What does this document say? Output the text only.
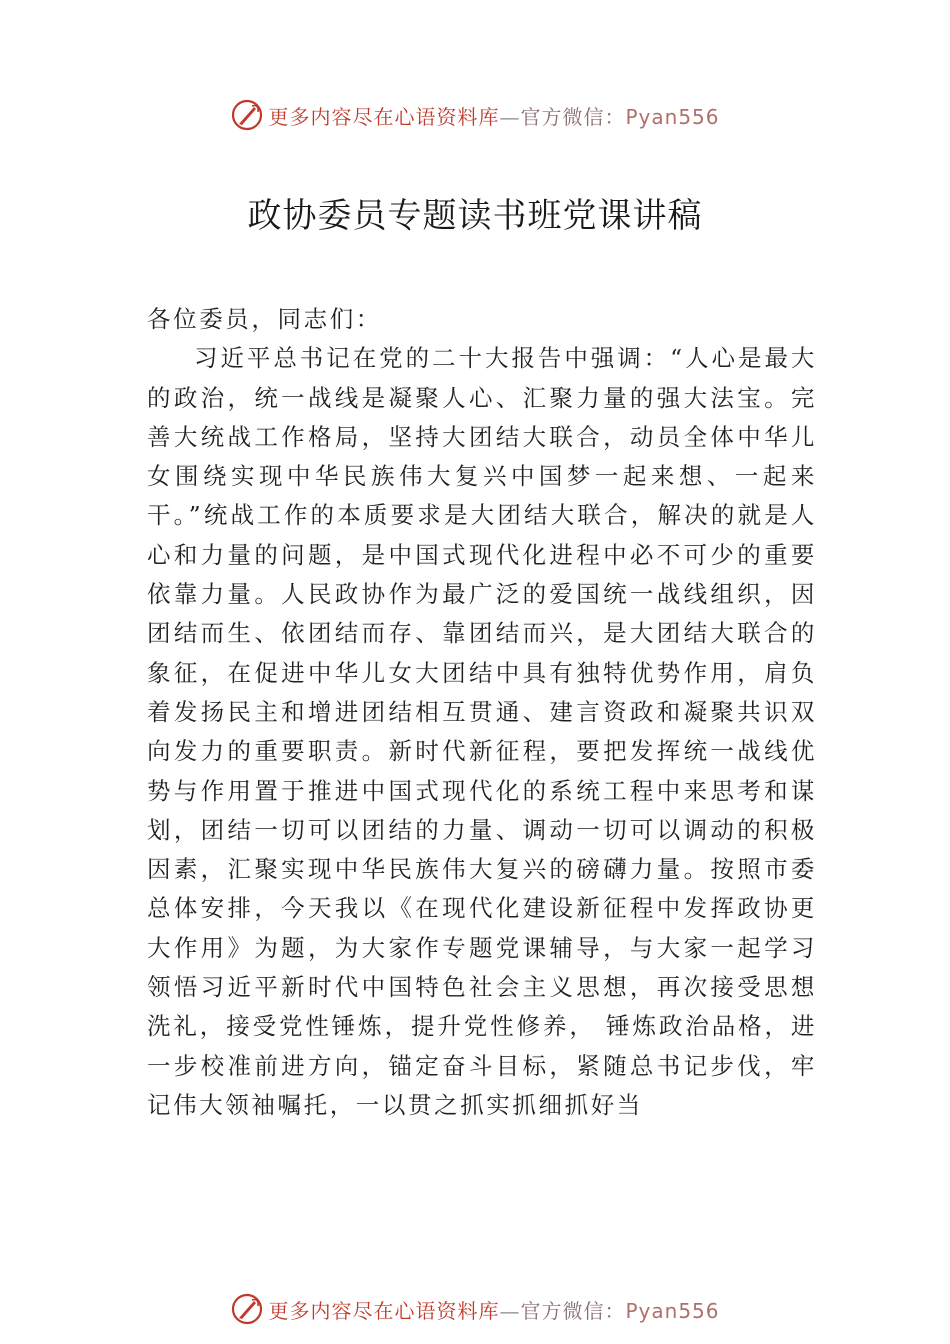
更多内容尽在心语资料库—官方微信：Pyan556
政协委员专题读书班党课讲稿

各位委员，同志们：

习近平总书记在党的二十大报告中强调：“人心是最大的政治，统一战线是凝聚人心、汇聚力量的强大法宝。完善大统战工作格局，坚持大团结大联合，动员全体中华儿女围绕实现中华民族伟大复兴中国梦一起来想、一起来干。”统战工作的本质要求是大团结大联合，解决的就是人心和力量的问题，是中国式现代化进程中必不可少的重要依靠力量。人民政协作为最广泛的爱国统一战线组织，因团结而生、依团结而存、靠团结而兴，是大团结大联合的象征，在促进中华儿女大团结中具有独特优势作用，肩负着发扬民主和增进团结相互贯通、建言资政和凝聚共识双向发力的重要职责。新时代新征程，要把发挥统一战线优势与作用置于推进中国式现代化的系统工程中来思考和谋划，团结一切可以团结的力量、调动一切可以调动的积极因素，汇聚实现中华民族伟大复兴的磅礴力量。按照市委总体安排，今天我以《在现代化建设新征程中发挥政协更大作用》为题，为大家作专题党课辅导，与大家一起学习领悟习近平新时代中国特色社会主义思想，再次接受思想洗礼，接受党性锤炼，提升党性修养， 锤炼政治品格，进一步校准前进方向，锚定奋斗目标，紧随总书记步伐，牢记伟大领袖嘱托，一以贯之抓实抓细抓好当

更多内容尽在心语资料库—官方微信：Pyan556
